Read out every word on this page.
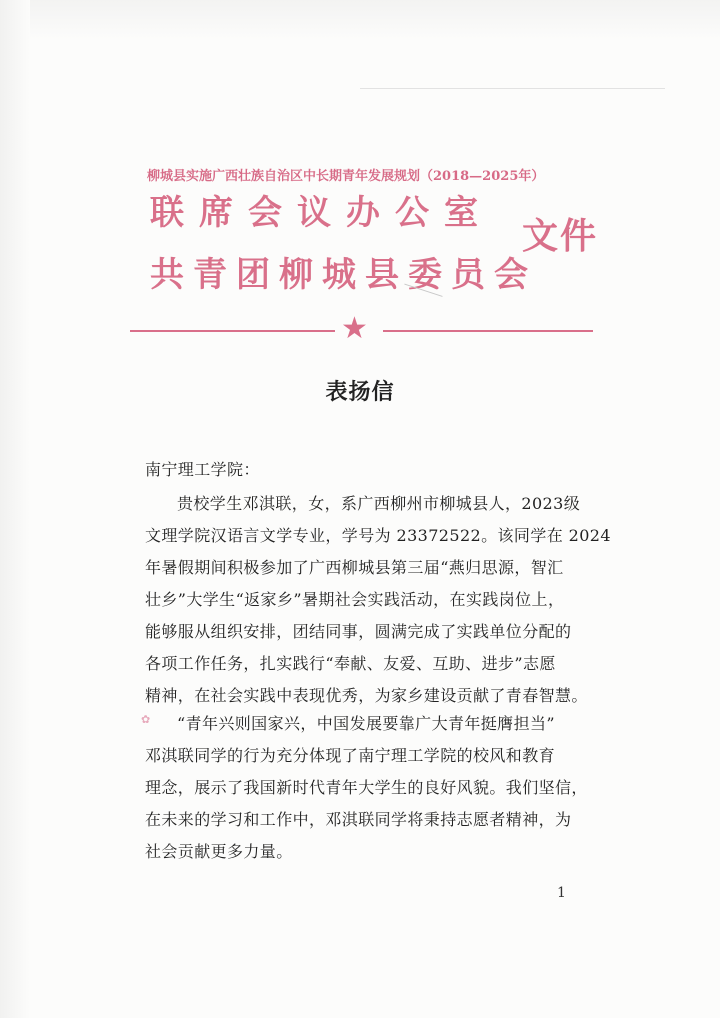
柳城县实施广西壮族自治区中长期青年发展规划（2018—2025年）
联席会议办公室
共青团柳城县委员会
文件
★
表扬信
南宁理工学院：
贵校学生邓淇联，女，系广西柳州市柳城县人，2023级
文理学院汉语言文学专业，学号为 23372522。该同学在 2024
年暑假期间积极参加了广西柳城县第三届“燕归思源，智汇
壮乡”大学生“返家乡”暑期社会实践活动，在实践岗位上，
能够服从组织安排，团结同事，圆满完成了实践单位分配的
各项工作任务，扎实践行“奉献、友爱、互助、进步”志愿
精神，在社会实践中表现优秀，为家乡建设贡献了青春智慧。
✿ “青年兴则国家兴，中国发展要靠广大青年挺膺担当”
邓淇联同学的行为充分体现了南宁理工学院的校风和教育
理念，展示了我国新时代青年大学生的良好风貌。我们坚信，
在未来的学习和工作中，邓淇联同学将秉持志愿者精神，为
社会贡献更多力量。
1
